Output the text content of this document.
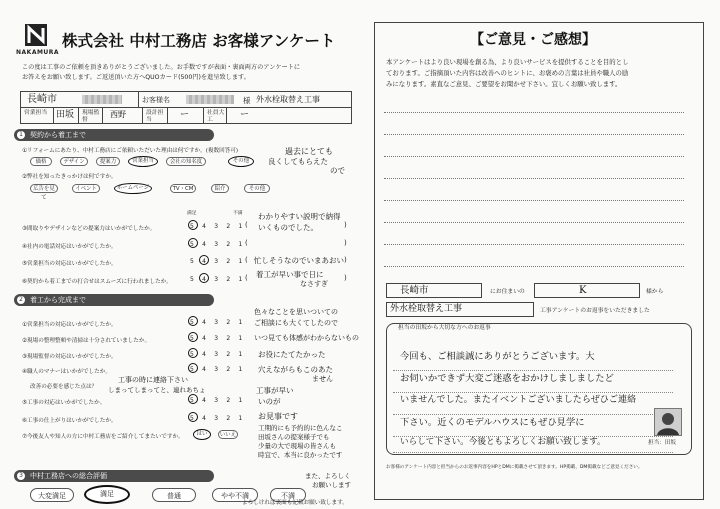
NAKAMURA
株式会社 中村工務店 お客様アンケート
この度は工事のご依頼を頂きありがとうございました。お手数ですが表面・裏面両方のアンケートに
お答えをお願い致します。ご返送頂いた方へQUOカード(500円)を進呈致します。
長崎市	お客様名	様 外水栓取替え工事
営業担当 田坂 現場監督
西野	設計担当	ー	社員大工	ー
1 契約から着工まで
①リフォームにあたり、中村工務店にご依頼いただいた理由は何ですか。(複数回答可)
価格	デザイン	提案力	営業担当	会社の知名度	その他
過去にとても
良くしてもらえた
ので
②弊社を知ったきっかけは何ですか。
広告を見て
イベント	ホームページ	TV・CM	紹介	その他
満足	不満
③間取りやデザインなどの提案力はいかがでしたか。	5 4 3 2 1 (	)
わかりやすい説明で納得
いくものでした。
④社内の電話対応はいかがでしたか。	5 4 3 2 1 (	)
⑤営業担当の対応はいかがでしたか。	5 4 3 2 1 (	)
忙しそうなのでいまあおい
⑥契約から着工までの打合せはスムーズに行われましたか。	5 4 3 2 1 (	)
着工が早い事で日に
なさすぎ
2 着工から完成まで
①営業担当の対応はいかがでしたか。	5 4 3 2 1
色々なことを思いついての
ご相談にも大くてしたので
②現場の整理整頓や清掃は十分されていましたか。	5 4 3 2 1 いつ見ても体感がわからないもの
③現場監督の対応はいかがでしたか。	5 4 3 2 1 お役にたてたかった
④職人のマナーはいかがでしたか。	5 4 3 2 1 穴えながらもこのあた
ません
改善の必要を感じた点は？
工事の時に連絡下さい
しまってしまってと、連れあちょ
⑤工事の対応はいかがでしたか。	5 4 3 2 1
工事が早い
いのが
⑥工事の仕上がりはいかがでしたか。	5 4 3 2 1 お見事です
⑦今後友人や知人の方に中村工務店をご紹介してまたいですか。	はい	いいえ
工期的にも予約的に色んなこ
田坂さんの提案様子でも
少量の大で現場の皆さんも
時宜で、本当に良かったです
3 中村工務店への総合評価
大変満足	満足	普通	やや不満	不満
また、よろしく
お願いします
よろしければ裏面も記載お願い致します。
【ご意見・ご感想】
本アンケートはより良い現場を創る為、より良いサービスを提供することを目的とし
ております。ご指摘頂いた内容は改善へのヒントに、お褒めの言葉は社員や職人の励
みになります。素直なご意見、ご要望をお聞かせ下さい。宜しくお願い致します。
長崎市	にお住まいの	K	様から
外水栓取替え工事	工事アンケートのお返事をいただきました
担当の田坂から大切な方へのお返事
今回も、ご相談誠にありがとうございます。大
お伺いかできず大変ご迷惑をおかけしましましたど
いませんでした。またイベントございましたらぜひご連絡
下さい。近くのモデルハウスにもぜひ見学に
いらして下さい。今後ともよろしくお願い致します。	担当：田坂
お客様のアンケート内容と担当からのお返事内容をHPとDMに掲載させて頂きます。HP掲載、DM掲載などご意見ください。
